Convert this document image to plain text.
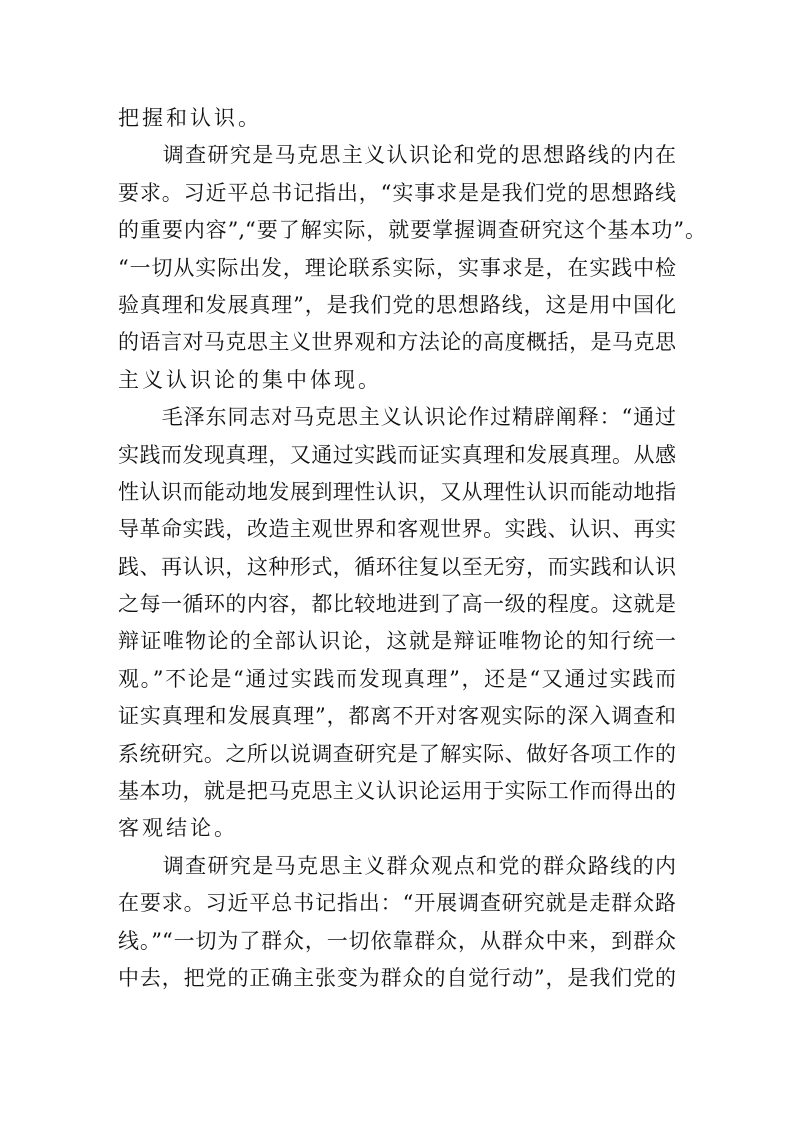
把握和认识。
　　调查研究是马克思主义认识论和党的思想路线的内在
要求。习近平总书记指出，“实事求是是我们党的思想路线
的重要内容”,“要了解实际，就要掌握调查研究这个基本功”。
“一切从实际出发，理论联系实际，实事求是，在实践中检
验真理和发展真理”，是我们党的思想路线，这是用中国化
的语言对马克思主义世界观和方法论的高度概括，是马克思
主义认识论的集中体现。
　　毛泽东同志对马克思主义认识论作过精辟阐释：“通过
实践而发现真理，又通过实践而证实真理和发展真理。从感
性认识而能动地发展到理性认识，又从理性认识而能动地指
导革命实践，改造主观世界和客观世界。实践、认识、再实
践、再认识，这种形式，循环往复以至无穷，而实践和认识
之每一循环的内容，都比较地进到了高一级的程度。这就是
辩证唯物论的全部认识论，这就是辩证唯物论的知行统一
观。”不论是“通过实践而发现真理”，还是“又通过实践而
证实真理和发展真理”，都离不开对客观实际的深入调查和
系统研究。之所以说调查研究是了解实际、做好各项工作的
基本功，就是把马克思主义认识论运用于实际工作而得出的
客观结论。
　　调查研究是马克思主义群众观点和党的群众路线的内
在要求。习近平总书记指出：“开展调查研究就是走群众路
线。”“一切为了群众，一切依靠群众，从群众中来，到群众
中去，把党的正确主张变为群众的自觉行动”，是我们党的
